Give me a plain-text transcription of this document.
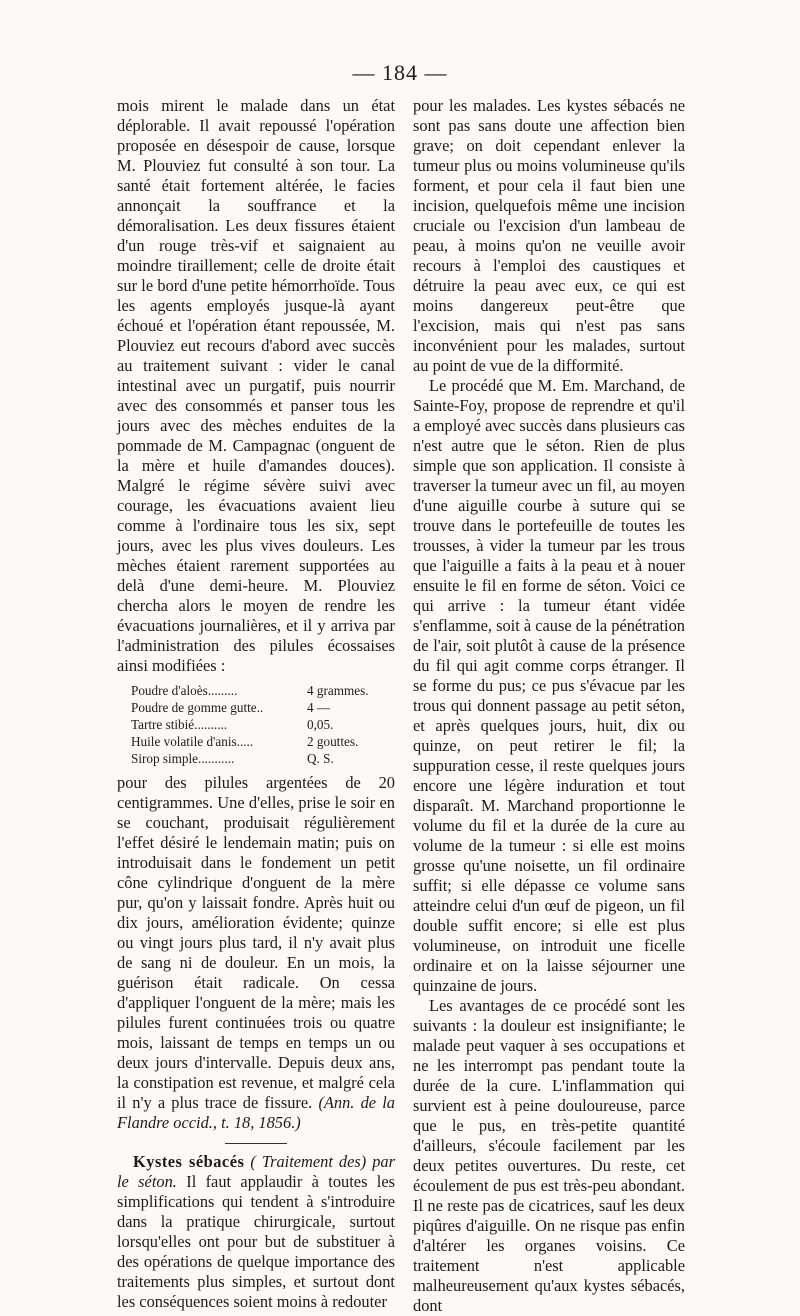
— 184 —

mois mirent le malade dans un état déplorable. Il avait repoussé l'opération proposée en désespoir de cause, lorsque M. Plouviez fut consulté à son tour. La santé était fortement altérée, le facies annonçait la souffrance et la démoralisation. Les deux fissures étaient d'un rouge très-vif et saignaient au moindre tiraillement; celle de droite était sur le bord d'une petite hémorrhoïde. Tous les agents employés jusque-là ayant échoué et l'opération étant repoussée, M. Plouviez eut recours d'abord avec succès au traitement suivant : vider le canal intestinal avec un purgatif, puis nourrir avec des consommés et panser tous les jours avec des mèches enduites de la pommade de M. Campagnac (onguent de la mère et huile d'amandes douces). Malgré le régime sévère suivi avec courage, les évacuations avaient lieu comme à l'ordinaire tous les six, sept jours, avec les plus vives douleurs. Les mèches étaient rarement supportées au delà d'une demi-heure. M. Plouviez chercha alors le moyen de rendre les évacuations journalières, et il y arriva par l'administration des pilules écossaises ainsi modifiées :

Poudre d'aloès.........	4 grammes.
Poudre de gomme gutte..	4 —
Tartre stibié..........	0,05.
Huile volatile d'anis.....	2 gouttes.
Sirop simple...........	Q. S.

pour des pilules argentées de 20 centigrammes. Une d'elles, prise le soir en se couchant, produisait régulièrement l'effet désiré le lendemain matin; puis on introduisait dans le fondement un petit cône cylindrique d'onguent de la mère pur, qu'on y laissait fondre. Après huit ou dix jours, amélioration évidente; quinze ou vingt jours plus tard, il n'y avait plus de sang ni de douleur. En un mois, la guérison était radicale. On cessa d'appliquer l'onguent de la mère; mais les pilules furent continuées trois ou quatre mois, laissant de temps en temps un ou deux jours d'intervalle. Depuis deux ans, la constipation est revenue, et malgré cela il n'y a plus trace de fissure. (Ann. de la Flandre occid., t. 18, 1856.)

Kystes sébacés ( Traitement des) par le séton. Il faut applaudir à toutes les simplifications qui tendent à s'introduire dans la pratique chirurgicale, surtout lorsqu'elles ont pour but de substituer à des opérations de quelque importance des traitements plus simples, et surtout dont les conséquences soient moins à redouter

pour les malades. Les kystes sébacés ne sont pas sans doute une affection bien grave; on doit cependant enlever la tumeur plus ou moins volumineuse qu'ils forment, et pour cela il faut bien une incision, quelquefois même une incision cruciale ou l'excision d'un lambeau de peau, à moins qu'on ne veuille avoir recours à l'emploi des caustiques et détruire la peau avec eux, ce qui est moins dangereux peut-être que l'excision, mais qui n'est pas sans inconvénient pour les malades, surtout au point de vue de la difformité.

Le procédé que M. Em. Marchand, de Sainte-Foy, propose de reprendre et qu'il a employé avec succès dans plusieurs cas n'est autre que le séton. Rien de plus simple que son application. Il consiste à traverser la tumeur avec un fil, au moyen d'une aiguille courbe à suture qui se trouve dans le portefeuille de toutes les trousses, à vider la tumeur par les trous que l'aiguille a faits à la peau et à nouer ensuite le fil en forme de séton. Voici ce qui arrive : la tumeur étant vidée s'enflamme, soit à cause de la pénétration de l'air, soit plutôt à cause de la présence du fil qui agit comme corps étranger. Il se forme du pus; ce pus s'évacue par les trous qui donnent passage au petit séton, et après quelques jours, huit, dix ou quinze, on peut retirer le fil; la suppuration cesse, il reste quelques jours encore une légère induration et tout disparaît. M. Marchand proportionne le volume du fil et la durée de la cure au volume de la tumeur : si elle est moins grosse qu'une noisette, un fil ordinaire suffit; si elle dépasse ce volume sans atteindre celui d'un œuf de pigeon, un fil double suffit encore; si elle est plus volumineuse, on introduit une ficelle ordinaire et on la laisse séjourner une quinzaine de jours.

Les avantages de ce procédé sont les suivants : la douleur est insignifiante; le malade peut vaquer à ses occupations et ne les interrompt pas pendant toute la durée de la cure. L'inflammation qui survient est à peine douloureuse, parce que le pus, en très-petite quantité d'ailleurs, s'écoule facilement par les deux petites ouvertures. Du reste, cet écoulement de pus est très-peu abondant. Il ne reste pas de cicatrices, sauf les deux piqûres d'aiguille. On ne risque pas enfin d'altérer les organes voisins. Ce traitement n'est applicable malheureusement qu'aux kystes sébacés, dont
